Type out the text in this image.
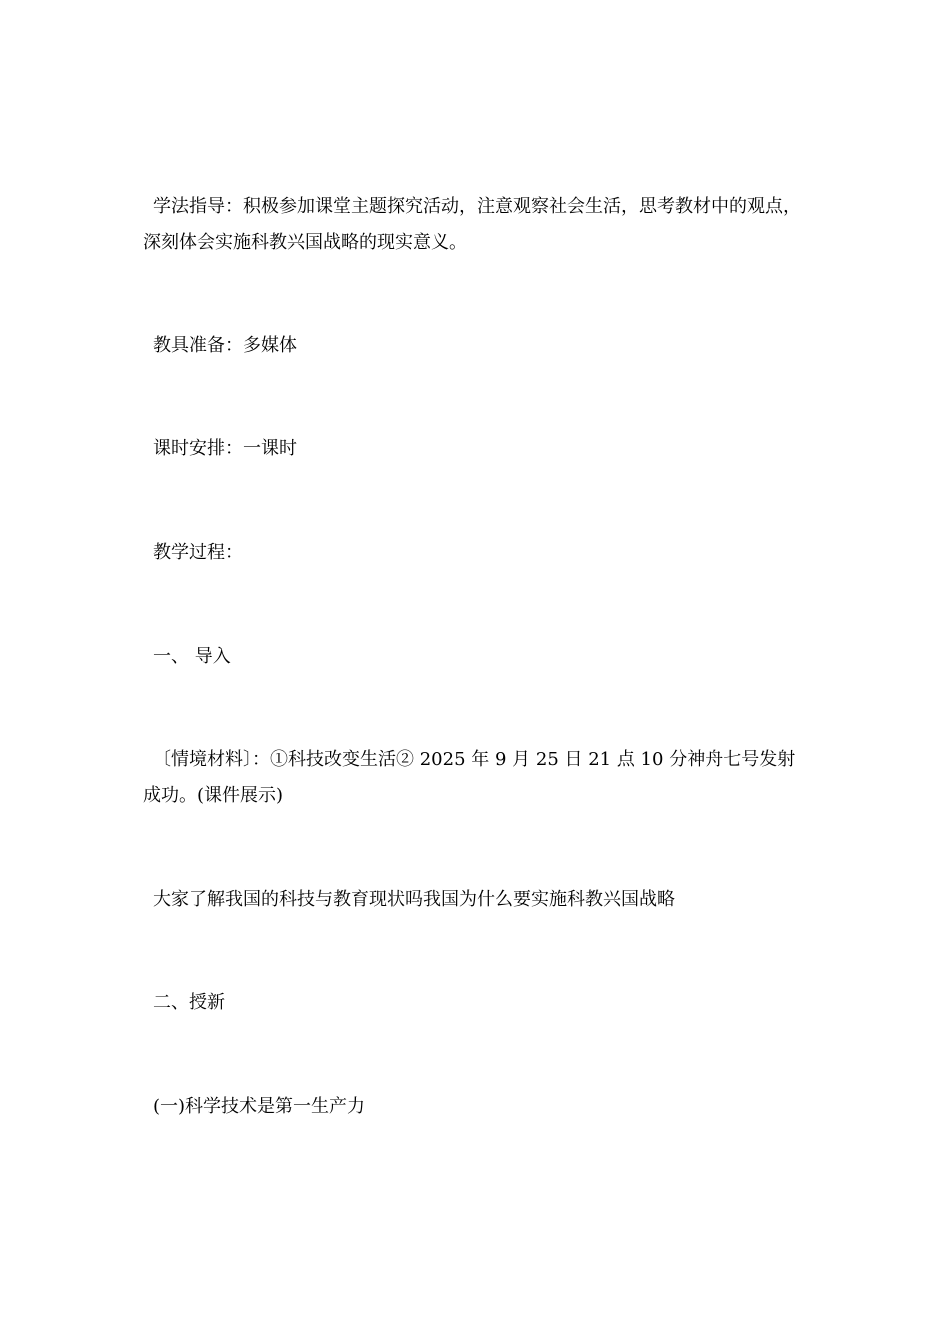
学法指导：积极参加课堂主题探究活动，注意观察社会生活，思考教材中的观点，深刻体会实施科教兴国战略的现实意义。

教具准备：多媒体

课时安排：一课时

教学过程：

一、 导入

〔情境材料〕：①科技改变生活② 2025 年 9 月 25 日 21 点 10 分神舟七号发射成功。(课件展示)

大家了解我国的科技与教育现状吗我国为什么要实施科教兴国战略

二、授新

(一)科学技术是第一生产力
